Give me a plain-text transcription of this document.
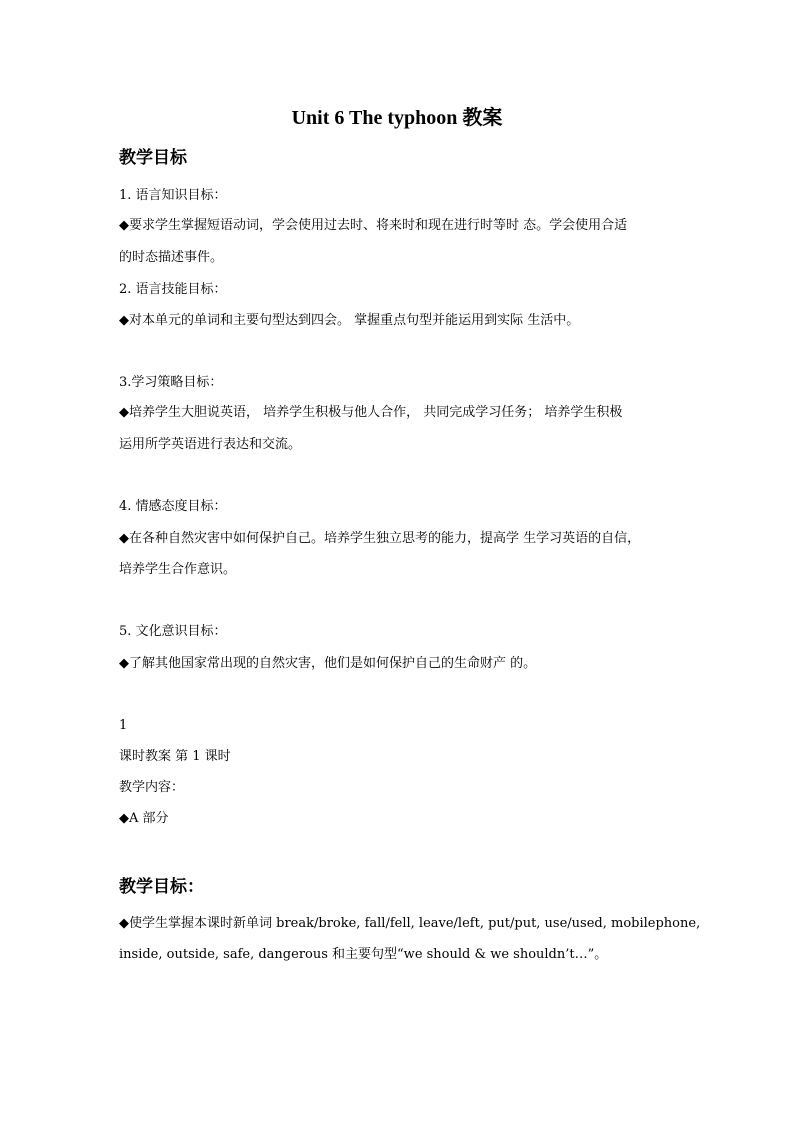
Unit 6 The typhoon 教案
教学目标
1. 语言知识目标：
◆要求学生掌握短语动词，学会使用过去时、将来时和现在进行时等时 态。学会使用合适
的时态描述事件。
2. 语言技能目标：
◆对本单元的单词和主要句型达到四会。 掌握重点句型并能运用到实际 生活中。
3.学习策略目标：
◆培养学生大胆说英语， 培养学生积极与他人合作， 共同完成学习任务； 培养学生积极
运用所学英语进行表达和交流。
4. 情感态度目标：
◆在各种自然灾害中如何保护自己。培养学生独立思考的能力，提高学 生学习英语的自信，
培养学生合作意识。
5. 文化意识目标：
◆了解其他国家常出现的自然灾害，他们是如何保护自己的生命财产 的。
1
课时教案 第 1 课时
教学内容：
◆A 部分
教学目标：
◆使学生掌握本课时新单词 break/broke, fall/fell, leave/left, put/put, use/used, mobilephone,
inside, outside, safe, dangerous 和主要句型“we should & we shouldn’t…”。
